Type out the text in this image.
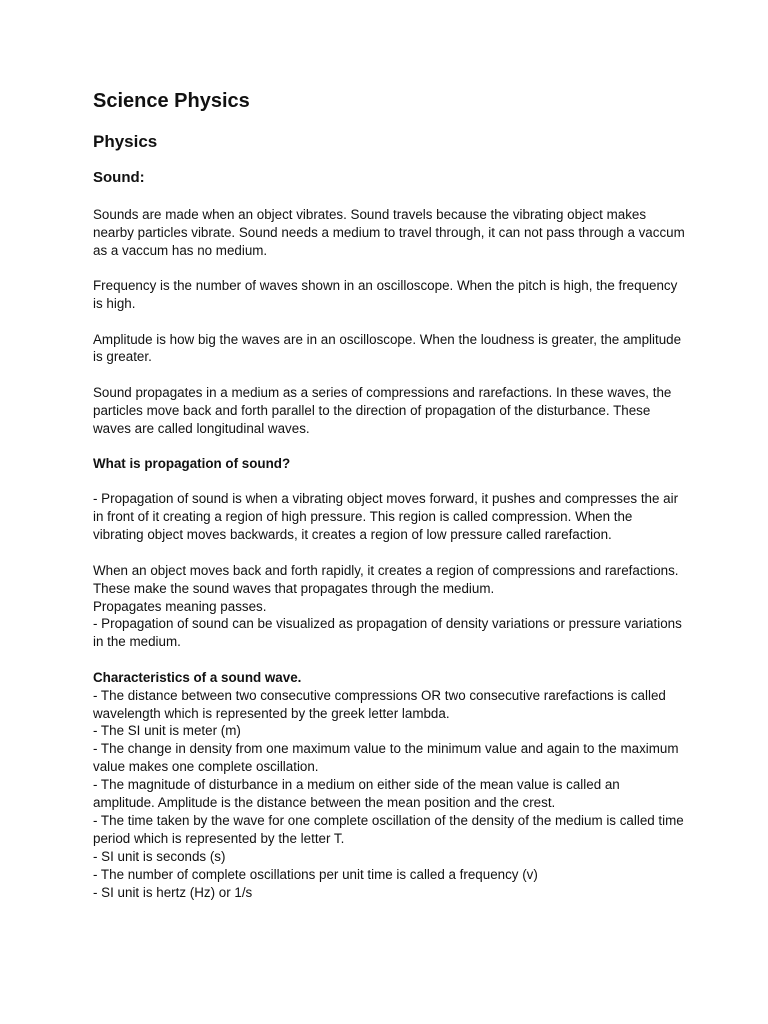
Science Physics
Physics
Sound:

Sounds are made when an object vibrates. Sound travels because the vibrating object makes nearby particles vibrate. Sound needs a medium to travel through, it can not pass through a vaccum as a vaccum has no medium.

Frequency is the number of waves shown in an oscilloscope. When the pitch is high, the frequency is high.

Amplitude is how big the waves are in an oscilloscope. When the loudness is greater, the amplitude is greater.

Sound propagates in a medium as a series of compressions and rarefactions. In these waves, the particles move back and forth parallel to the direction of propagation of the disturbance. These waves are called longitudinal waves.

What is propagation of sound?

- Propagation of sound is when a vibrating object moves forward, it pushes and compresses the air in front of it creating a region of high pressure. This region is called compression. When the vibrating object moves backwards, it creates a region of low pressure called rarefaction.

When an object moves back and forth rapidly, it creates a region of compressions and rarefactions. These make the sound waves that propagates through the medium.

Propagates meaning passes.

- Propagation of sound can be visualized as propagation of density variations or pressure variations in the medium.

Characteristics of a sound wave.

- The distance between two consecutive compressions OR two consecutive rarefactions is called wavelength which is represented by the greek letter lambda.

- The SI unit is meter (m)

- The change in density from one maximum value to the minimum value and again to the maximum value makes one complete oscillation.

- The magnitude of disturbance in a medium on either side of the mean value is called an amplitude. Amplitude is the distance between the mean position and the crest.

- The time taken by the wave for one complete oscillation of the density of the medium is called time period which is represented by the letter T.

- SI unit is seconds (s)

- The number of complete oscillations per unit time is called a frequency (v)

- SI unit is hertz (Hz) or 1/s
